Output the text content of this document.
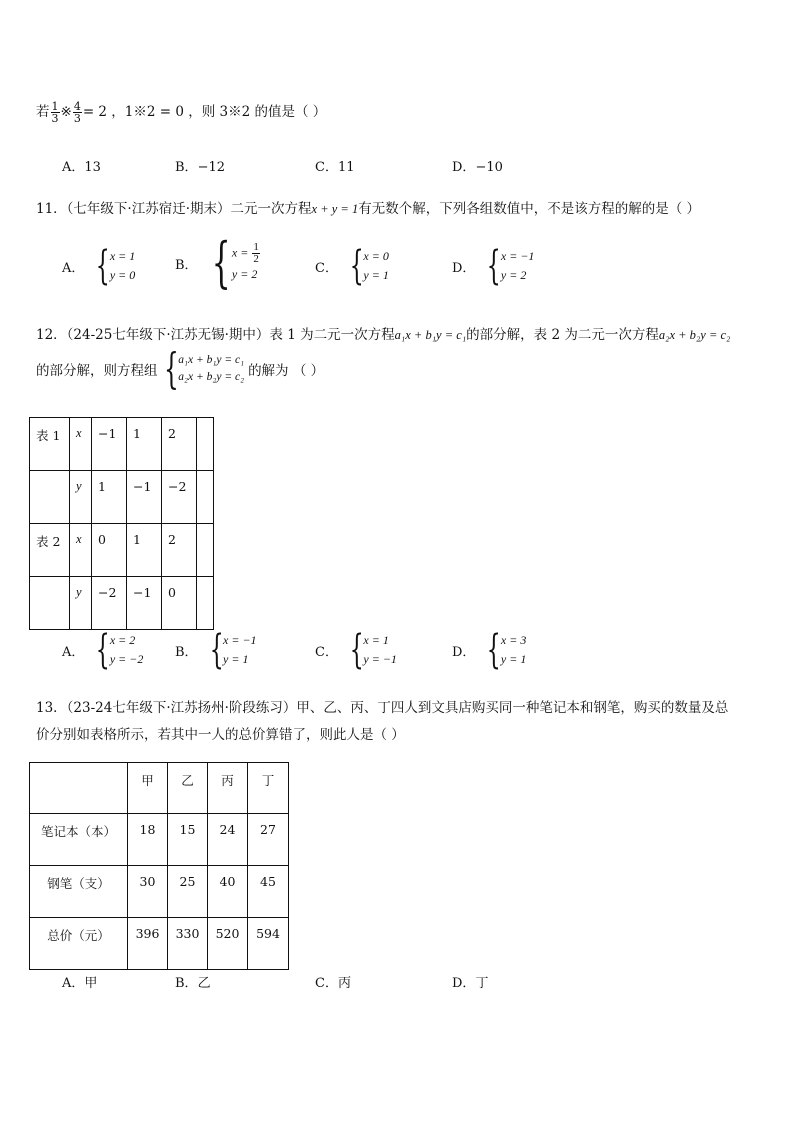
若 $\frac{1}{3}$ ※ $\frac{4}{3} = 2$ ，1※2 = 0 ，则 3※2 的值是（ ）
A．13	B．−12	C．11	D．−10
11．（七年级下·江苏宿迁·期末）二元一次方程x + y = 1有无数个解，下列各组数值中，不是该方程的解的是（ ）
A． { x = 1
y = 0
B． { $x = \frac{1}{2}$
y = 2	C． { x = 0
y = 1	D． { x = −1
y = 2
12．（24-25七年级下·江苏无锡·期中）表 1 为二元一次方程a₁x + b₁y = c₁的部分解，表 2 为二元一次方程a₂x + b₂y = c₂
的部分解，则方程组 { a₁x + b₁y = c₁
a₂x + b₂y = c₂ 的解为 （ ）
表 1	x	−1	1	2	

	y	1	−1	−2	

表 2	x	0	1	2	

	y	−2	−1	0	

A． { x = 2
y = −2 B． { x = −1
y = 1	C． { x = 1
y = −1	D． { x = 3
y = 1
13．（23-24七年级下·江苏扬州·阶段练习）甲、乙、丙、丁四人到文具店购买同一种笔记本和钢笔，购买的数量及总
价分别如表格所示，若其中一人的总价算错了，则此人是（ ）

	甲	乙	丙	丁

笔记本（本）	18	15	24	27

钢笔（支）	30	25	40	45

总价（元）	396	330	520	594
A．甲	B．乙	C．丙	D．丁
